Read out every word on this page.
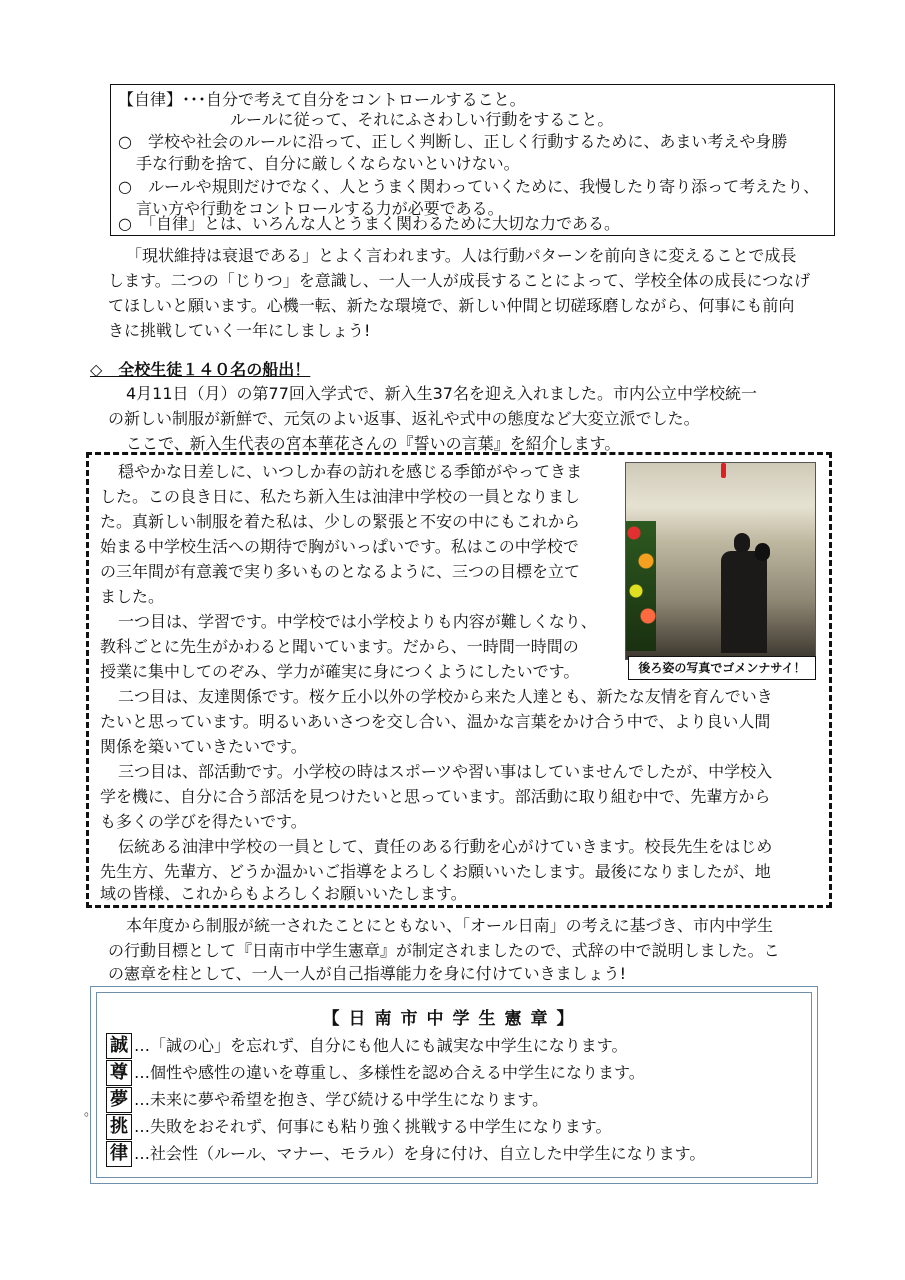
【自律】･･･自分で考えて自分をコントロールすること。
ルールに従って、それにふさわしい行動をすること。
○　学校や社会のルールに沿って、正しく判断し、正しく行動するために、あまい考えや身勝
手な行動を捨て、自分に厳しくならないといけない。
○　ルールや規則だけでなく、人とうまく関わっていくために、我慢したり寄り添って考えたり、
言い方や行動をコントロールする力が必要である。
○　「自律」とは、いろんな人とうまく関わるために大切な力である。
「現状維持は衰退である」とよく言われます。人は行動パターンを前向きに変えることで成長
します。二つの「じりつ」を意識し、一人一人が成長することによって、学校全体の成長につなげ
てほしいと願います。心機一転、新たな環境で、新しい仲間と切磋琢磨しながら、何事にも前向
きに挑戦していく一年にしましょう!
◇　全校生徒１４０名の船出！
4月11日（月）の第77回入学式で、新入生37名を迎え入れました。市内公立中学校統一
の新しい制服が新鮮で、元気のよい返事、返礼や式中の態度など大変立派でした。
ここで、新入生代表の宮本華花さんの『誓いの言葉』を紹介します。
後ろ姿の写真でゴメンナサイ！
穏やかな日差しに、いつしか春の訪れを感じる季節がやってきま
した。この良き日に、私たち新入生は油津中学校の一員となりまし
た。真新しい制服を着た私は、少しの緊張と不安の中にもこれから
始まる中学校生活への期待で胸がいっぱいです。私はこの中学校で
の三年間が有意義で実り多いものとなるように、三つの目標を立て
ました。
一つ目は、学習です。中学校では小学校よりも内容が難しくなり、
教科ごとに先生がかわると聞いています。だから、一時間一時間の
授業に集中してのぞみ、学力が確実に身につくようにしたいです。
二つ目は、友達関係です。桜ケ丘小以外の学校から来た人達とも、新たな友情を育んでいき
たいと思っています。明るいあいさつを交し合い、温かな言葉をかけ合う中で、より良い人間
関係を築いていきたいです。
三つ目は、部活動です。小学校の時はスポーツや習い事はしていませんでしたが、中学校入
学を機に、自分に合う部活を見つけたいと思っています。部活動に取り組む中で、先輩方から
も多くの学びを得たいです。
伝統ある油津中学校の一員として、責任のある行動を心がけていきます。校長先生をはじめ
先生方、先輩方、どうか温かいご指導をよろしくお願いいたします。最後になりましたが、地
域の皆様、これからもよろしくお願いいたします。
本年度から制服が統一されたことにともない、「オール日南」の考えに基づき、市内中学生
の行動目標として『日南市中学生憲章』が制定されましたので、式辞の中で説明しました。こ
の憲章を柱として、一人一人が自己指導能力を身に付けていきましょう!
【日南市中学生憲章】
誠 …「誠の心」を忘れず、自分にも他人にも誠実な中学生になります。
尊 …個性や感性の違いを尊重し、多様性を認め合える中学生になります。
夢 …未来に夢や希望を抱き、学び続ける中学生になります。
挑 …失敗をおそれず、何事にも粘り強く挑戦する中学生になります。
律 …社会性（ルール、マナー、モラル）を身に付け、自立した中学生になります。
。
